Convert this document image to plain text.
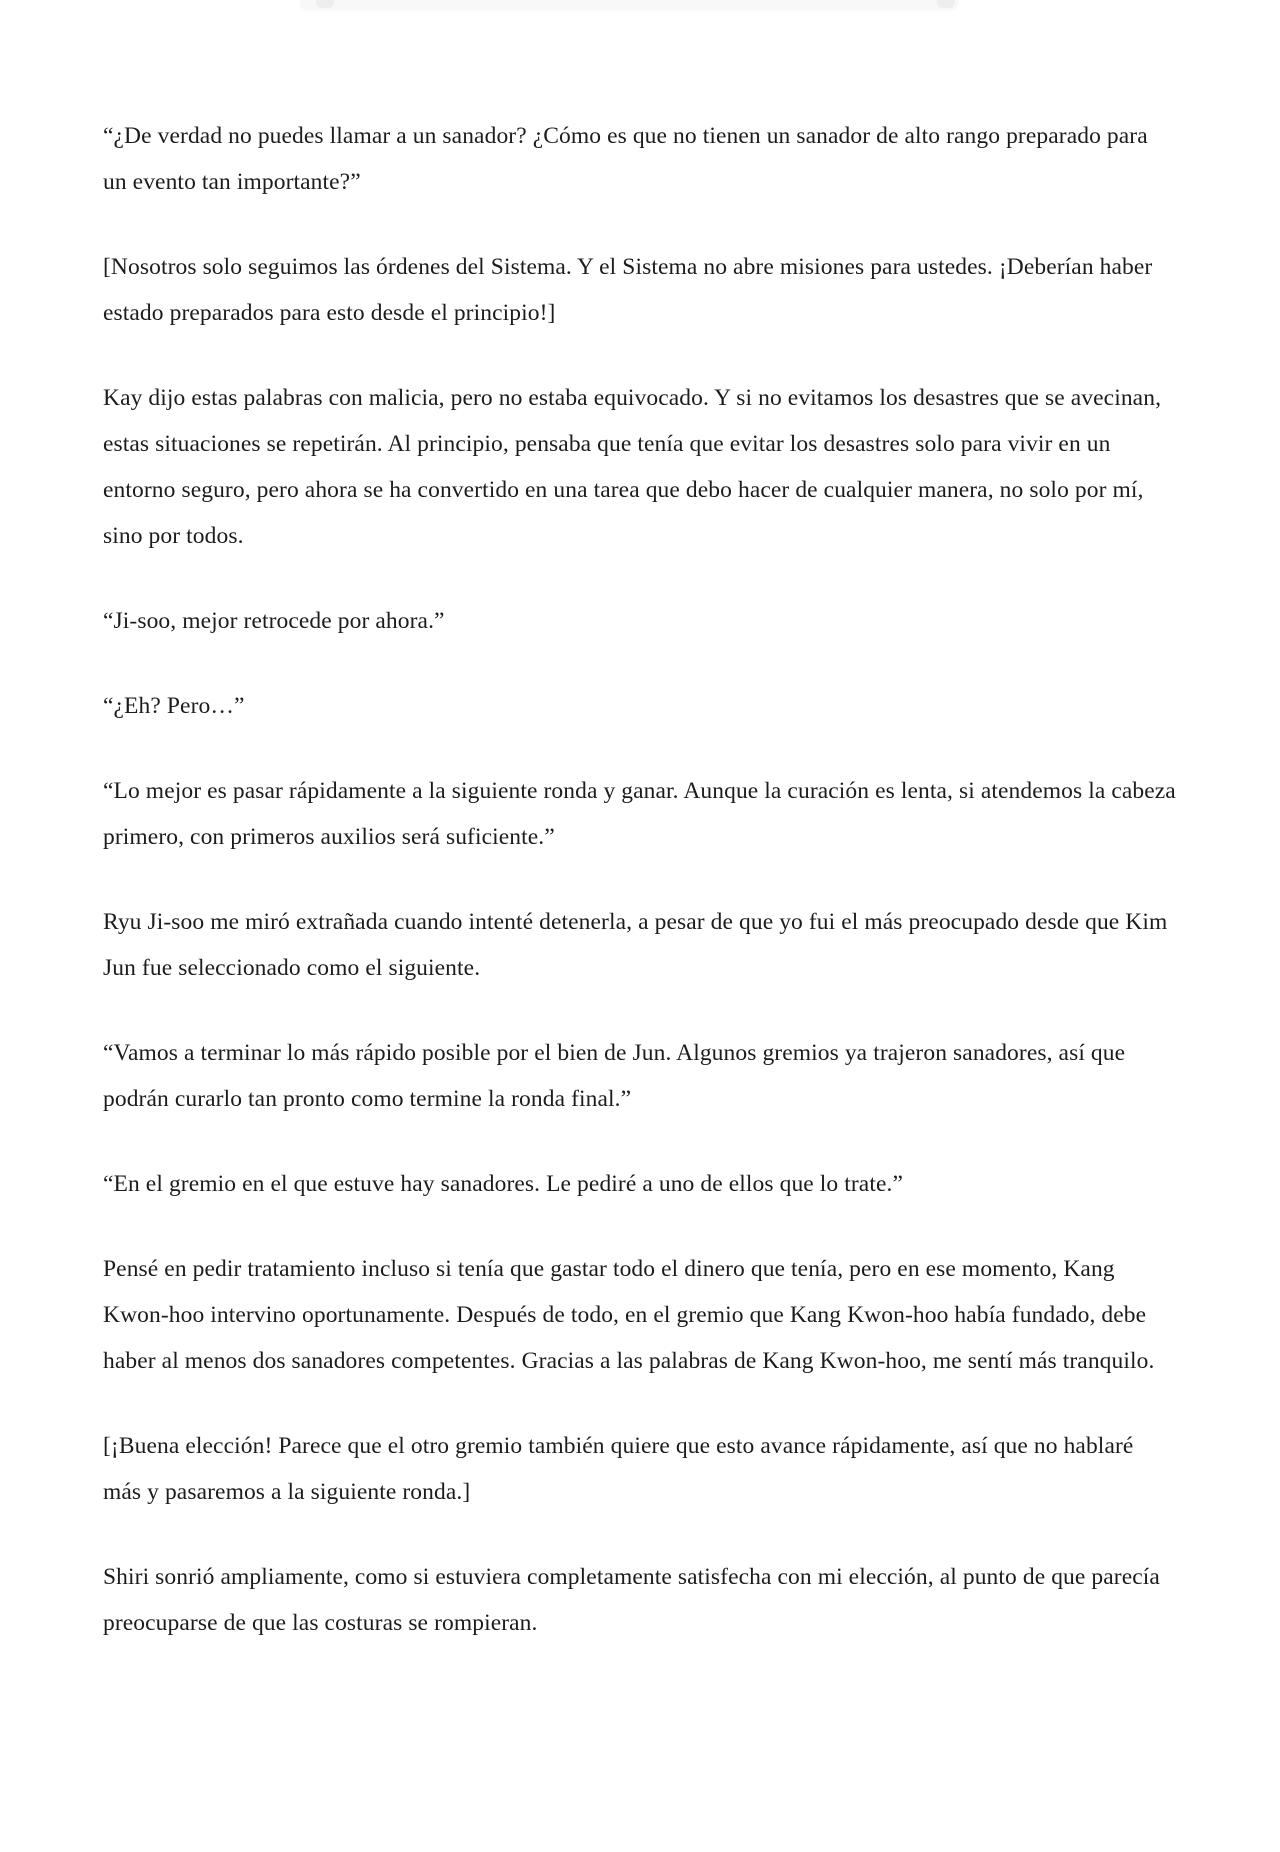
“¿De verdad no puedes llamar a un sanador? ¿Cómo es que no tienen un sanador de alto rango preparado para un evento tan importante?”

[Nosotros solo seguimos las órdenes del Sistema. Y el Sistema no abre misiones para ustedes. ¡Deberían haber estado preparados para esto desde el principio!]

Kay dijo estas palabras con malicia, pero no estaba equivocado. Y si no evitamos los desastres que se avecinan, estas situaciones se repetirán. Al principio, pensaba que tenía que evitar los desastres solo para vivir en un entorno seguro, pero ahora se ha convertido en una tarea que debo hacer de cualquier manera, no solo por mí, sino por todos.

“Ji-soo, mejor retrocede por ahora.”

“¿Eh? Pero…”

“Lo mejor es pasar rápidamente a la siguiente ronda y ganar. Aunque la curación es lenta, si atendemos la cabeza primero, con primeros auxilios será suficiente.”

Ryu Ji-soo me miró extrañada cuando intenté detenerla, a pesar de que yo fui el más preocupado desde que Kim Jun fue seleccionado como el siguiente.

“Vamos a terminar lo más rápido posible por el bien de Jun. Algunos gremios ya trajeron sanadores, así que podrán curarlo tan pronto como termine la ronda final.”

“En el gremio en el que estuve hay sanadores. Le pediré a uno de ellos que lo trate.”

Pensé en pedir tratamiento incluso si tenía que gastar todo el dinero que tenía, pero en ese momento, Kang Kwon-hoo intervino oportunamente. Después de todo, en el gremio que Kang Kwon-hoo había fundado, debe haber al menos dos sanadores competentes. Gracias a las palabras de Kang Kwon-hoo, me sentí más tranquilo.

[¡Buena elección! Parece que el otro gremio también quiere que esto avance rápidamente, así que no hablaré más y pasaremos a la siguiente ronda.]

Shiri sonrió ampliamente, como si estuviera completamente satisfecha con mi elección, al punto de que parecía preocuparse de que las costuras se rompieran.
